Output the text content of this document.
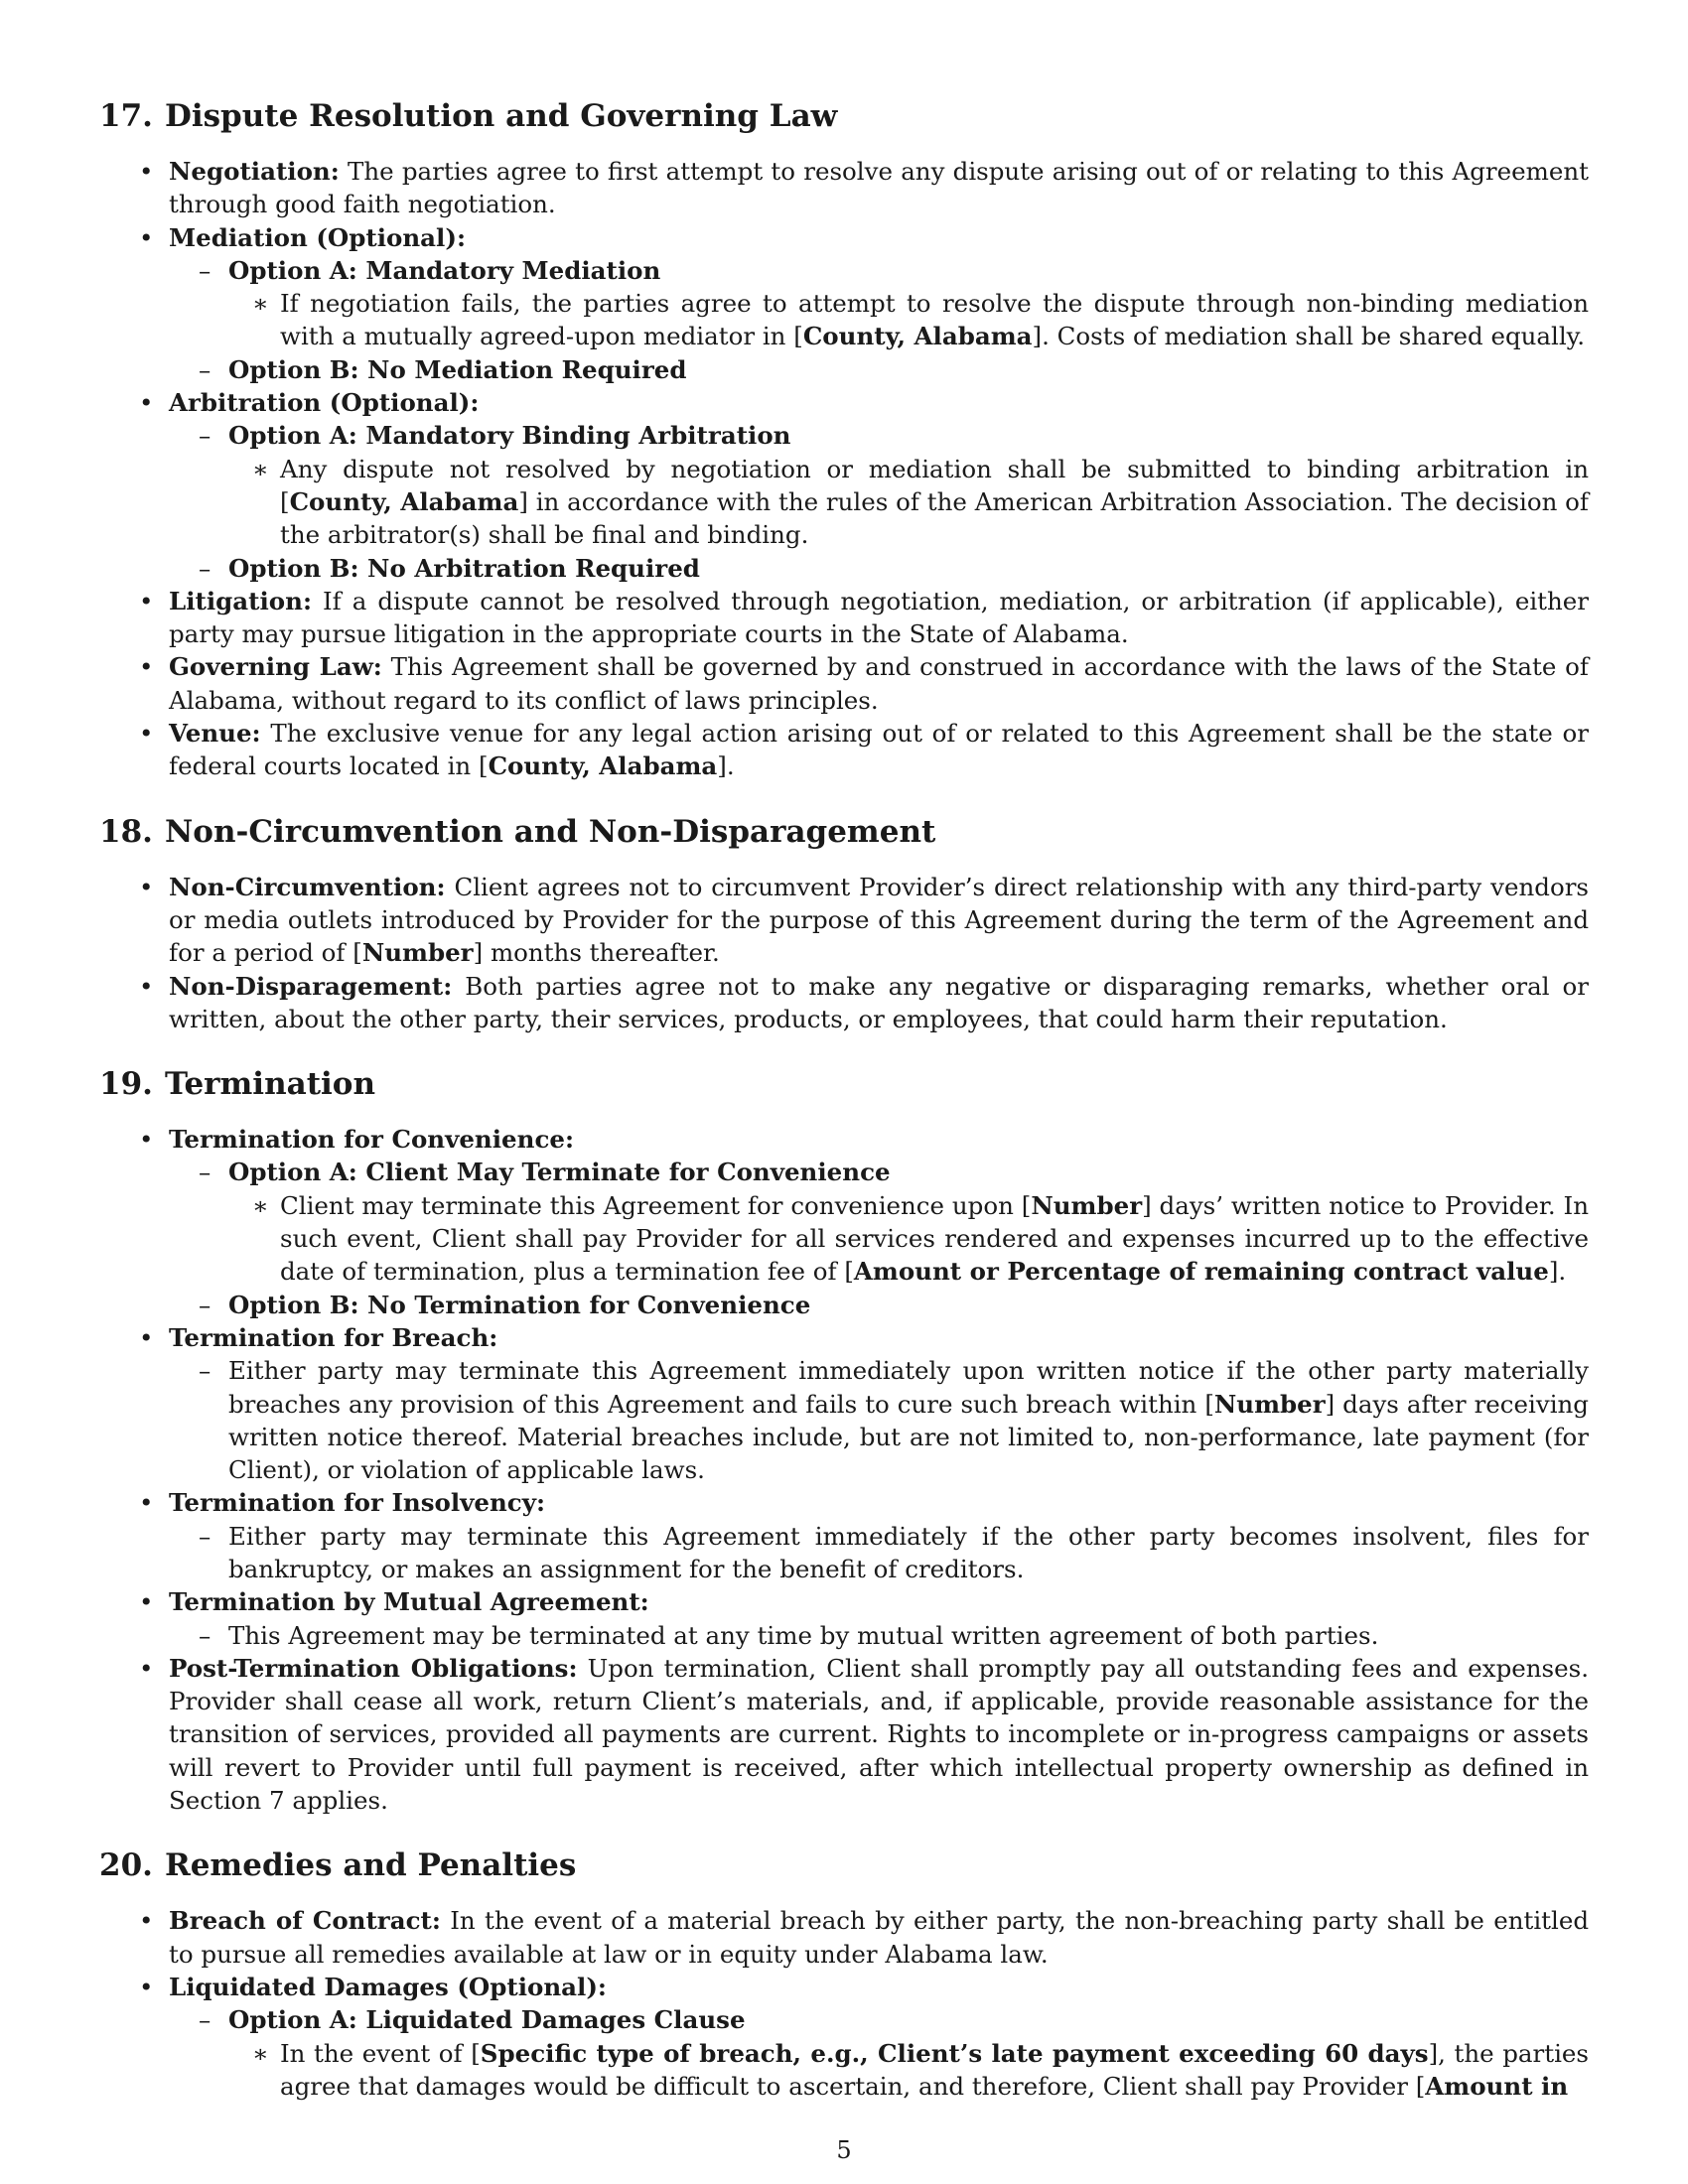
17. Dispute Resolution and Governing Law
• Negotiation: The parties agree to first attempt to resolve any dispute arising out of or relating to this Agreement through good faith negotiation.
• Mediation (Optional):
– Option A: Mandatory Mediation
∗ If negotiation fails, the parties agree to attempt to resolve the dispute through non-binding mediation with a mutually agreed-upon mediator in [County, Alabama]. Costs of mediation shall be shared equally.
– Option B: No Mediation Required
• Arbitration (Optional):
– Option A: Mandatory Binding Arbitration
∗ Any dispute not resolved by negotiation or mediation shall be submitted to binding arbitration in [County, Alabama] in accordance with the rules of the American Arbitration Association. The decision of the arbitrator(s) shall be final and binding.
– Option B: No Arbitration Required
• Litigation: If a dispute cannot be resolved through negotiation, mediation, or arbitration (if applicable), either party may pursue litigation in the appropriate courts in the State of Alabama.
• Governing Law: This Agreement shall be governed by and construed in accordance with the laws of the State of Alabama, without regard to its conflict of laws principles.
• Venue: The exclusive venue for any legal action arising out of or related to this Agreement shall be the state or federal courts located in [County, Alabama].
18. Non-Circumvention and Non-Disparagement
• Non-Circumvention: Client agrees not to circumvent Provider’s direct relationship with any third-party vendors or media outlets introduced by Provider for the purpose of this Agreement during the term of the Agreement and for a period of [Number] months thereafter.
• Non-Disparagement: Both parties agree not to make any negative or disparaging remarks, whether oral or written, about the other party, their services, products, or employees, that could harm their reputation.
19. Termination
• Termination for Convenience:
– Option A: Client May Terminate for Convenience
∗ Client may terminate this Agreement for convenience upon [Number] days’ written notice to Provider. In such event, Client shall pay Provider for all services rendered and expenses incurred up to the effective date of termination, plus a termination fee of [Amount or Percentage of remaining contract value].
– Option B: No Termination for Convenience
• Termination for Breach:
– Either party may terminate this Agreement immediately upon written notice if the other party materially breaches any provision of this Agreement and fails to cure such breach within [Number] days after receiving written notice thereof. Material breaches include, but are not limited to, non-performance, late payment (for Client), or violation of applicable laws.
• Termination for Insolvency:
– Either party may terminate this Agreement immediately if the other party becomes insolvent, files for bankruptcy, or makes an assignment for the benefit of creditors.
• Termination by Mutual Agreement:
– This Agreement may be terminated at any time by mutual written agreement of both parties.
• Post-Termination Obligations: Upon termination, Client shall promptly pay all outstanding fees and expenses. Provider shall cease all work, return Client’s materials, and, if applicable, provide reasonable assistance for the transition of services, provided all payments are current. Rights to incomplete or in-progress campaigns or assets will revert to Provider until full payment is received, after which intellectual property ownership as defined in Section 7 applies.
20. Remedies and Penalties
• Breach of Contract: In the event of a material breach by either party, the non-breaching party shall be entitled to pursue all remedies available at law or in equity under Alabama law.
• Liquidated Damages (Optional):
– Option A: Liquidated Damages Clause
∗ In the event of [Specific type of breach, e.g., Client’s late payment exceeding 60 days], the parties agree that damages would be difficult to ascertain, and therefore, Client shall pay Provider [Amount in
5
